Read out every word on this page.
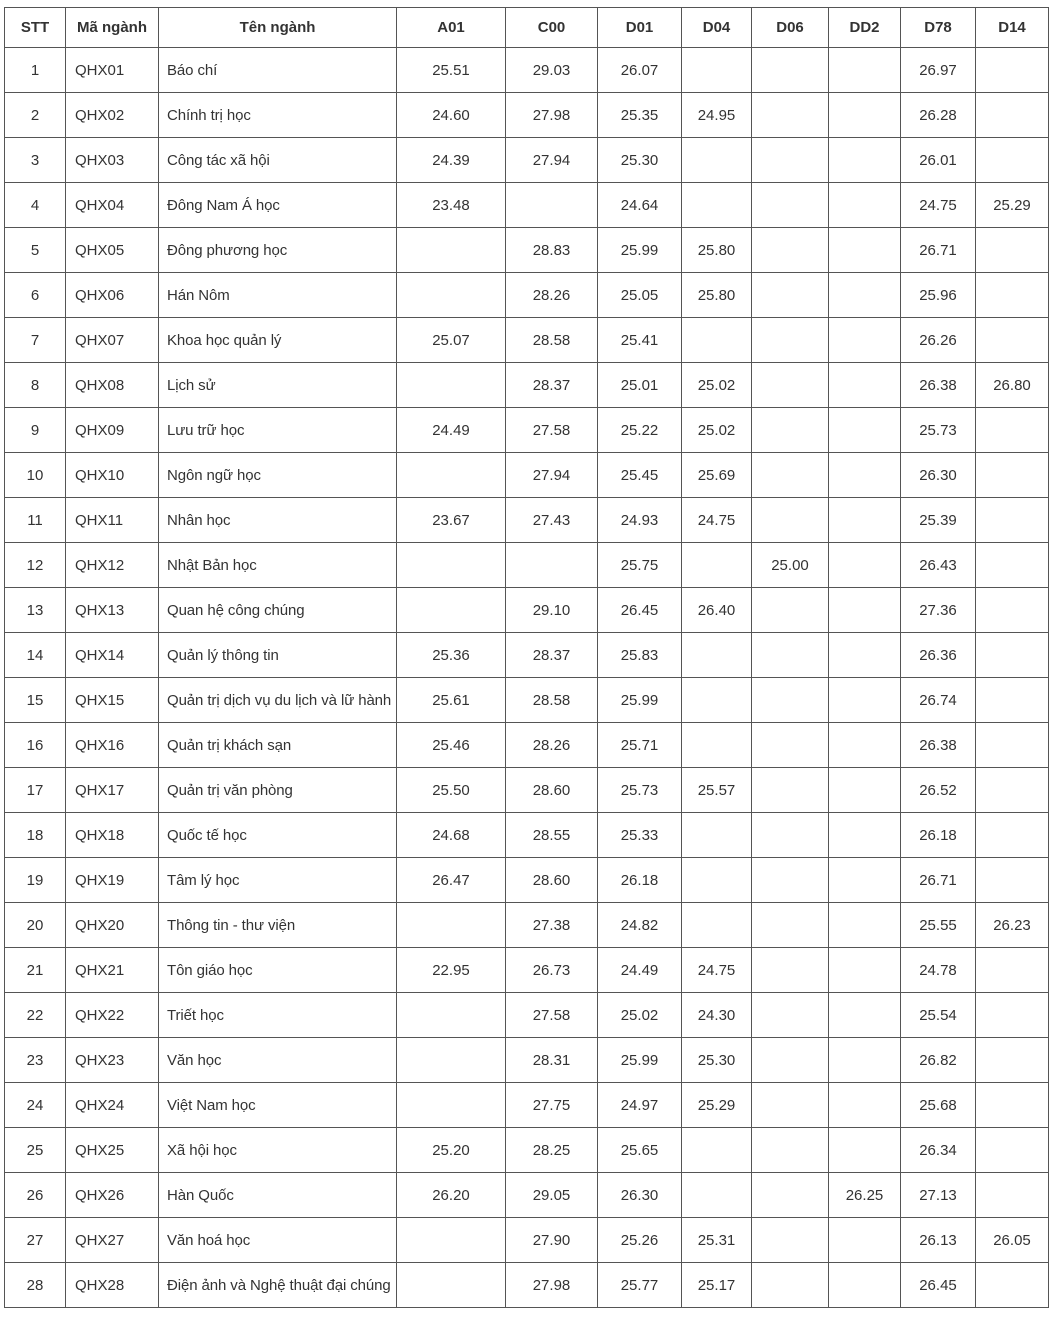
STT	Mã ngành	Tên ngành	A01	C00	D01	D04	D06	DD2	D78	D14
1	QHX01	Báo chí	25.51	29.03	26.07				26.97	
2	QHX02	Chính trị học	24.60	27.98	25.35	24.95			26.28	
3	QHX03	Công tác xã hội	24.39	27.94	25.30				26.01	
4	QHX04	Đông Nam Á học	23.48		24.64				24.75	25.29
5	QHX05	Đông phương học		28.83	25.99	25.80			26.71	
6	QHX06	Hán Nôm		28.26	25.05	25.80			25.96	
7	QHX07	Khoa học quản lý	25.07	28.58	25.41				26.26	
8	QHX08	Lịch sử		28.37	25.01	25.02			26.38	26.80
9	QHX09	Lưu trữ học	24.49	27.58	25.22	25.02			25.73	
10	QHX10	Ngôn ngữ học		27.94	25.45	25.69			26.30	
11	QHX11	Nhân học	23.67	27.43	24.93	24.75			25.39	
12	QHX12	Nhật Bản học			25.75		25.00		26.43	
13	QHX13	Quan hệ công chúng		29.10	26.45	26.40			27.36	
14	QHX14	Quản lý thông tin	25.36	28.37	25.83				26.36	
15	QHX15	Quản trị dịch vụ du lịch và lữ hành	25.61	28.58	25.99				26.74	
16	QHX16	Quản trị khách sạn	25.46	28.26	25.71				26.38	
17	QHX17	Quản trị văn phòng	25.50	28.60	25.73	25.57			26.52	
18	QHX18	Quốc tế học	24.68	28.55	25.33				26.18	
19	QHX19	Tâm lý học	26.47	28.60	26.18				26.71	
20	QHX20	Thông tin - thư viện		27.38	24.82				25.55	26.23
21	QHX21	Tôn giáo học	22.95	26.73	24.49	24.75			24.78	
22	QHX22	Triết học		27.58	25.02	24.30			25.54	
23	QHX23	Văn học		28.31	25.99	25.30			26.82	
24	QHX24	Việt Nam học		27.75	24.97	25.29			25.68	
25	QHX25	Xã hội học	25.20	28.25	25.65				26.34	
26	QHX26	Hàn Quốc	26.20	29.05	26.30			26.25	27.13	
27	QHX27	Văn hoá học		27.90	25.26	25.31			26.13	26.05
28	QHX28	Điện ảnh và Nghệ thuật đại chúng		27.98	25.77	25.17			26.45	
